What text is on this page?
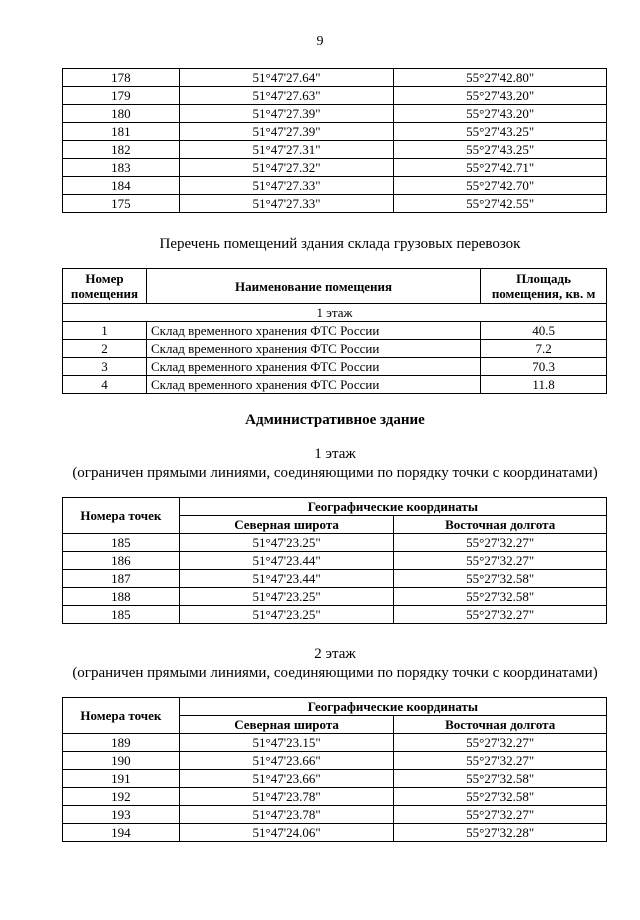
9
178	51°47'27.64"	55°27'42.80"
179	51°47'27.63"	55°27'43.20"
180	51°47'27.39"	55°27'43.20"
181	51°47'27.39"	55°27'43.25"
182	51°47'27.31"	55°27'43.25"
183	51°47'27.32"	55°27'42.71"
184	51°47'27.33"	55°27'42.70"
175	51°47'27.33"	55°27'42.55"
Перечень помещений здания склада грузовых перевозок
Номер помещения	Наименование помещения	Площадь помещения, кв. м
1 этаж		
1	Склад временного хранения ФТС России	40.5
2	Склад временного хранения ФТС России	7.2
3	Склад временного хранения ФТС России	70.3
4	Склад временного хранения ФТС России	11.8
Административное здание
1 этаж
(ограничен прямыми линиями, соединяющими по порядку точки с координатами)
Номера точек	Географические координаты	
	Северная широта	Восточная долгота
185	51°47'23.25"	55°27'32.27"
186	51°47'23.44"	55°27'32.27"
187	51°47'23.44"	55°27'32.58"
188	51°47'23.25"	55°27'32.58"
185	51°47'23.25"	55°27'32.27"
2 этаж
(ограничен прямыми линиями, соединяющими по порядку точки с координатами)
Номера точек	Географические координаты	
	Северная широта	Восточная долгота
189	51°47'23.15"	55°27'32.27"
190	51°47'23.66"	55°27'32.27"
191	51°47'23.66"	55°27'32.58"
192	51°47'23.78"	55°27'32.58"
193	51°47'23.78"	55°27'32.27"
194	51°47'24.06"	55°27'32.28"
